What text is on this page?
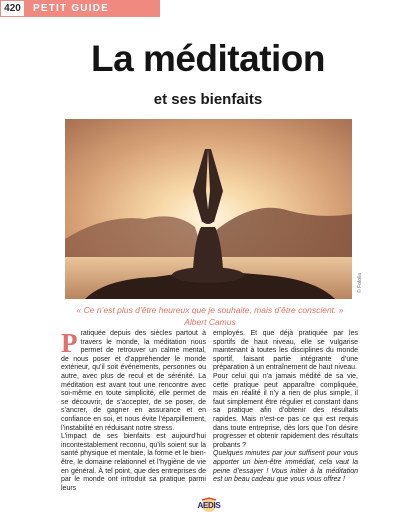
420	PETIT GUIDE
La méditation
et ses bienfaits
© Fotolia
« Ce n’est plus d’être heureux que je souhaite, mais d’être conscient. »
Albert Camus

Pratiquée depuis des siècles partout à travers le monde, la méditation nous permet de retrouver un calme mental, de nous poser et d’appréhender le monde extérieur, qu’il soit événements, personnes ou autre, avec plus de recul et de sérénité. La méditation est avant tout une rencontre avec soi-même en toute simplicité, elle permet de se découvrir, de s’accepter, de se poser, de s’ancrer, de gagner en assurance et en confiance en soi, et nous évite l’éparpillement, l’instabilité en réduisant notre stress.

L’impact de ses bienfaits est aujourd’hui incontestablement reconnu, qu’ils soient sur la santé physique et mentale, la forme et le bien-être, le domaine relationnel et l’hygiène de vie en général. À tel point, que des entreprises de par le monde ont introduit sa pratique parmi leurs

employés. Et que déjà pratiquée par les sportifs de haut niveau, elle se vulgarise maintenant à toutes les disciplines du monde sportif, faisant partie intégrante d’une préparation à un entraînement de haut niveau.

Pour celui qui n’a jamais médité de sa vie, cette pratique peut apparaître compliquée, mais en réalité il n’y a rien de plus simple, il faut simplement être régulier et constant dans sa pratique afin d’obtenir des résultats rapides. Mais n’est-ce pas ce qui est requis dans toute entreprise, dès lors que l’on désire progresser et obtenir rapidement des résultats probants ?

Quelques minutes par jour suffisent pour vous apporter un bien-être immédiat, cela vaut la peine d’essayer ! Vous initier à la méditation est un beau cadeau que vous vous offrez !

AEDIS
